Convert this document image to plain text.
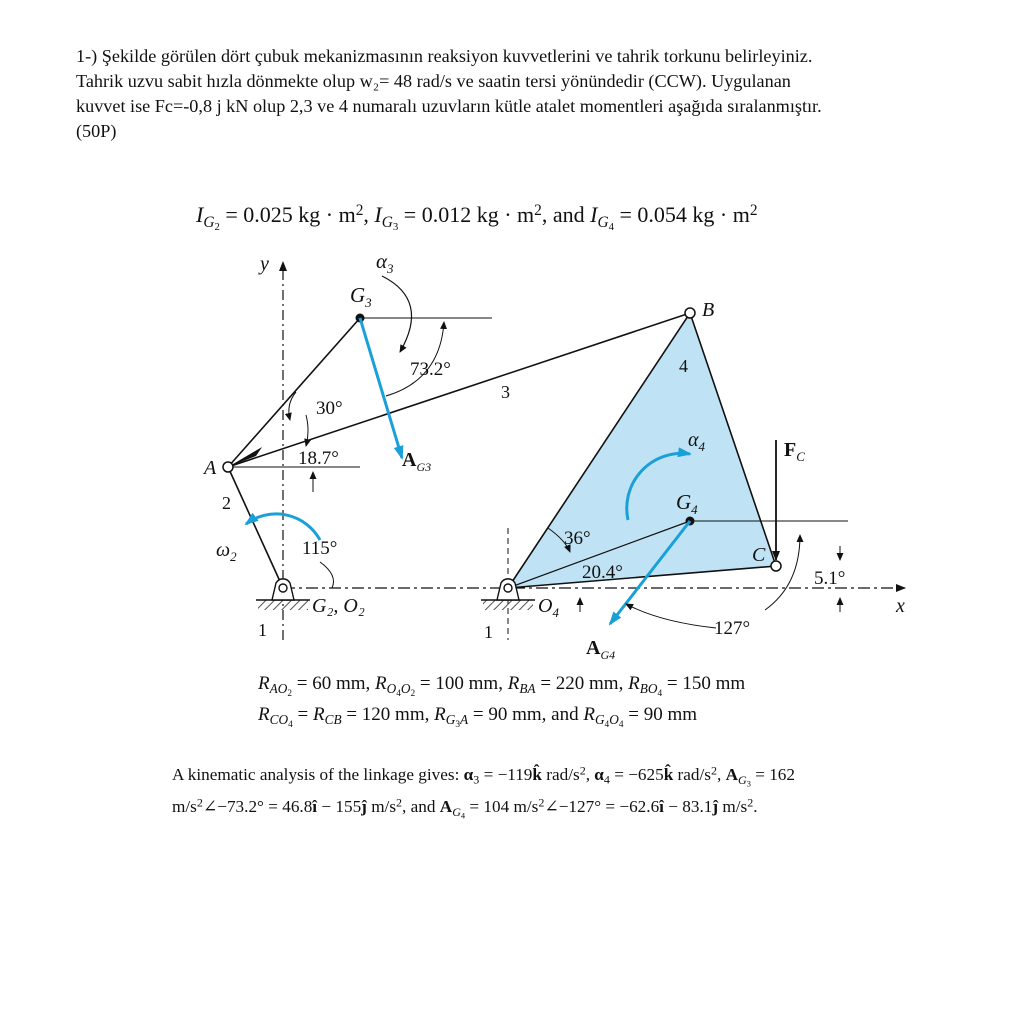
1-) Şekilde görülen dört çubuk mekanizmasının reaksiyon kuvvetlerini ve tahrik torkunu belirleyiniz.

Tahrik uzvu sabit hızla dönmekte olup w₂= 48 rad/s ve saatin tersi yönündedir (CCW). Uygulanan

kuvvet ise Fc=-0,8 j kN olup 2,3 ve 4 numaralı uzuvların kütle atalet momentleri aşağıda sıralanmıştır.

(50P)

$I_{G_2} = 0.025$ kg · $m^2$, $I_{G_3} = 0.012$ kg · $m^2$, and $I_{G_4} = 0.054$ kg · $m^2$
y
x
$\alpha_3$
$G_3$	B
4
3
73.2°
30°
18.7°	$A_{G3}$
$\alpha_4$	$F_C$
A
2	$G_4$
$\omega_2$	115°	36°
20.4°
C
5.1°
G₂, O₂	$O_4$
127°
1	1
$A_{G4}$
$R_{AO_2} = 60$ mm, $R_{O_4O_2} = 100$ mm, $R_{BA} = 220$ mm, $R_{BO_4} = 150$ mm
$R_{CO_4} = R_{CB} = 120$ mm, $R_{G_3A} = 90$ mm, and $R_{G_4O_4} = 90$ mm
A kinematic analysis of the linkage gives: $\alpha_3$ = −119k̂ rad/$s^2$, $\alpha_4$ = −625k̂ rad/$s^2$, $A_{G_3} = 162$ $m/s^2\angle-73.2^\circ$ = 46.8î − 155ĵ $m/s^2$, and $A_{G_4} = 104$ $m/s^2\angle-127^\circ$ = −62.6î − 83.1ĵ $m/s^2$.
